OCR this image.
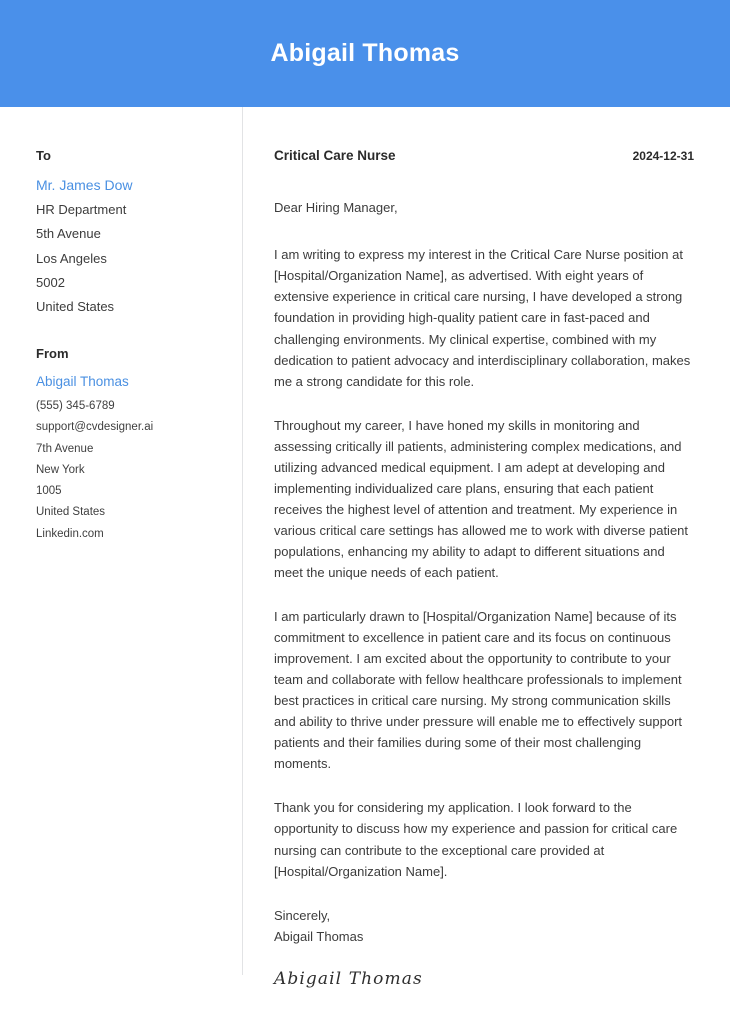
Abigail Thomas
To
Mr. James Dow
HR Department
5th Avenue
Los Angeles
5002
United States
From
Abigail Thomas
(555) 345-6789
support@cvdesigner.ai
7th Avenue
New York
1005
United States
Linkedin.com
Critical Care Nurse	2024-12-31
Dear Hiring Manager,

I am writing to express my interest in the Critical Care Nurse position at [Hospital/Organization Name], as advertised. With eight years of extensive experience in critical care nursing, I have developed a strong foundation in providing high-quality patient care in fast-paced and challenging environments. My clinical expertise, combined with my dedication to patient advocacy and interdisciplinary collaboration, makes me a strong candidate for this role.

Throughout my career, I have honed my skills in monitoring and assessing critically ill patients, administering complex medications, and utilizing advanced medical equipment. I am adept at developing and implementing individualized care plans, ensuring that each patient receives the highest level of attention and treatment. My experience in various critical care settings has allowed me to work with diverse patient populations, enhancing my ability to adapt to different situations and meet the unique needs of each patient.

I am particularly drawn to [Hospital/Organization Name] because of its commitment to excellence in patient care and its focus on continuous improvement. I am excited about the opportunity to contribute to your team and collaborate with fellow healthcare professionals to implement best practices in critical care nursing. My strong communication skills and ability to thrive under pressure will enable me to effectively support patients and their families during some of their most challenging moments.

Thank you for considering my application. I look forward to the opportunity to discuss how my experience and passion for critical care nursing can contribute to the exceptional care provided at [Hospital/Organization Name].

Sincerely,
Abigail Thomas
Abigail Thomas
